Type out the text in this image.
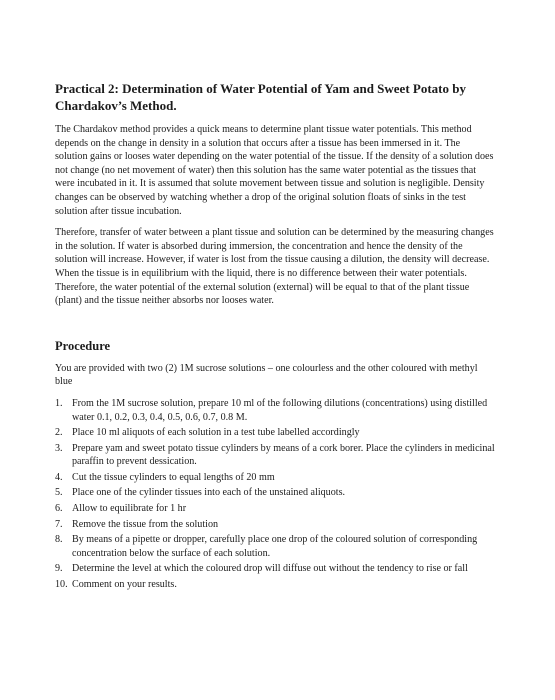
Practical 2: Determination of Water Potential of Yam and Sweet Potato by Chardakov’s Method.

The Chardakov method provides a quick means to determine plant tissue water potentials. This method depends on the change in density in a solution that occurs after a tissue has been immersed in it. The solution gains or looses water depending on the water potential of the tissue. If the density of a solution does not change (no net movement of water) then this solution has the same water potential as the tissues that were incubated in it. It is assumed that solute movement between tissue and solution is negligible. Density changes can be observed by watching whether a drop of the original solution floats of sinks in the test solution after tissue incubation.

Therefore, transfer of water between a plant tissue and solution can be determined by the measuring changes in the solution. If water is absorbed during immersion, the concentration and hence the density of the solution will increase. However, if water is lost from the tissue causing a dilution, the density will decrease. When the tissue is in equilibrium with the liquid, there is no difference between their water potentials. Therefore, the water potential of the external solution (external) will be equal to that of the plant tissue (plant) and the tissue neither absorbs nor looses water.

Procedure

You are provided with two (2) 1M sucrose solutions – one colourless and the other coloured with methyl blue

1. From the 1M sucrose solution, prepare 10 ml of the following dilutions (concentrations) using distilled water 0.1, 0.2, 0.3, 0.4, 0.5, 0.6, 0.7, 0.8 M.
2. Place 10 ml aliquots of each solution in a test tube labelled accordingly
3. Prepare yam and sweet potato tissue cylinders by means of a cork borer. Place the cylinders in medicinal paraffin to prevent dessication.
4. Cut the tissue cylinders to equal lengths of 20 mm
5. Place one of the cylinder tissues into each of the unstained aliquots.
6. Allow to equilibrate for 1 hr
7. Remove the tissue from the solution
8. By means of a pipette or dropper, carefully place one drop of the coloured solution of corresponding concentration below the surface of each solution.
9. Determine the level at which the coloured drop will diffuse out without the tendency to rise or fall
10. Comment on your results.
